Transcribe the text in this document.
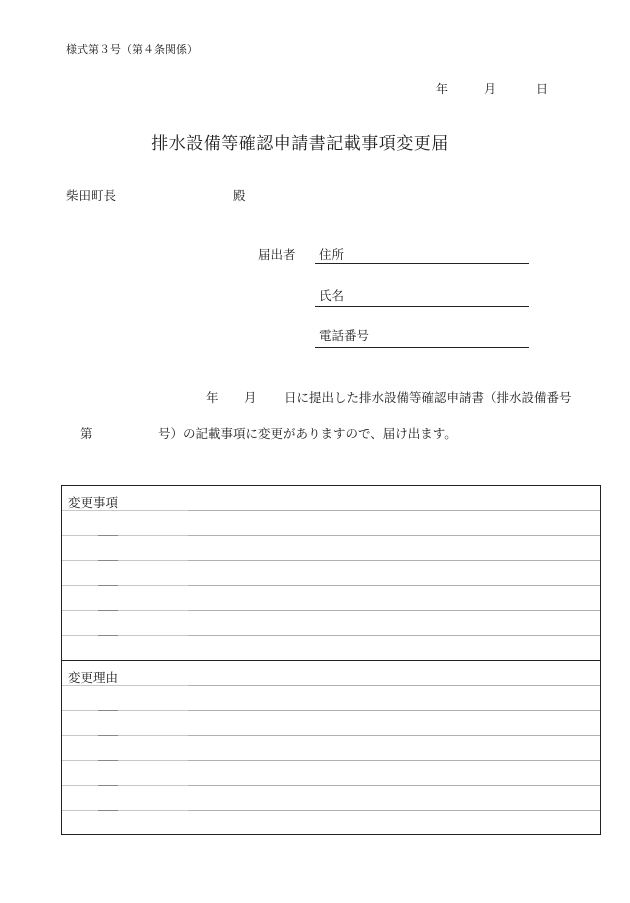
様式第３号（第４条関係）
年	月	日
排水設備等確認申請書記載事項変更届
柴田町長	殿
届出者 住所
氏名
電話番号
年 月 日に提出した排水設備等確認申請書（排水設備番号
第	号）の記載事項に変更がありますので、届け出ます。
変更事項
変更理由
